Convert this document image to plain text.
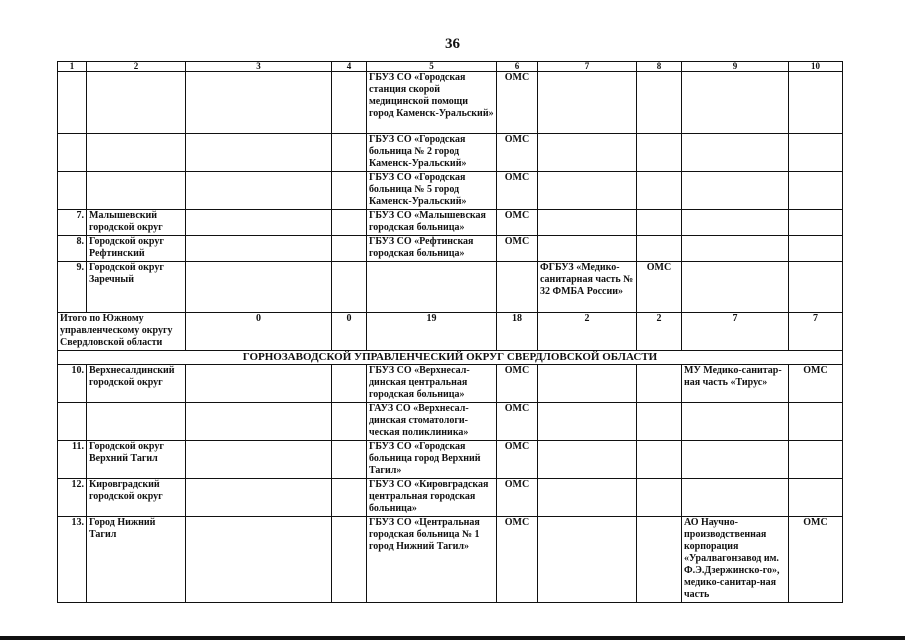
36
1	2	3	4	5	6	7	8	9	10
				ГБУЗ СО «Городская станция скорой медицинской помощи город Каменск-Уральский»	ОМС				
				ГБУЗ СО «Городская больница № 2 город Каменск-Уральский»	ОМС				
				ГБУЗ СО «Городская больница № 5 город Каменск-Уральский»	ОМС				
7.	Малышевский городской округ			ГБУЗ СО «Малышевская городская больница»	ОМС				
8.	Городской округ Рефтинский			ГБУЗ СО «Рефтинская городская больница»	ОМС				
9.	Городской округ Заречный					ФГБУЗ «Медико-санитарная часть № 32 ФМБА России»	ОМС		
Итого по Южному управленческому округу Свердловской области		0	0	19	18	2	2	7	7
ГОРНОЗАВОДСКОЙ УПРАВЛЕНЧЕСКИЙ ОКРУГ СВЕРДЛОВСКОЙ ОБЛАСТИ									
10.	Верхнесалдинский городской округ			ГБУЗ СО «Верхнесал-динская центральная городская больница»	ОМС			МУ Медико-санитар-ная часть «Тирус»	ОМС
				ГАУЗ СО «Верхнесал-динская стоматологи-ческая поликлиника»	ОМС				
11.	Городской округ Верхний Тагил			ГБУЗ СО «Городская больница город Верхний Тагил»	ОМС				
12.	Кировградский городской округ			ГБУЗ СО «Кировградская центральная городская больница»	ОМС				
13.	Город Нижний Тагил			ГБУЗ СО «Центральная городская больница № 1 город Нижний Тагил»	ОМС			АО Научно-производственная корпорация «Уралвагонзавод им. Ф.Э.Дзержинско-го», медико-санитар-ная часть	ОМС
